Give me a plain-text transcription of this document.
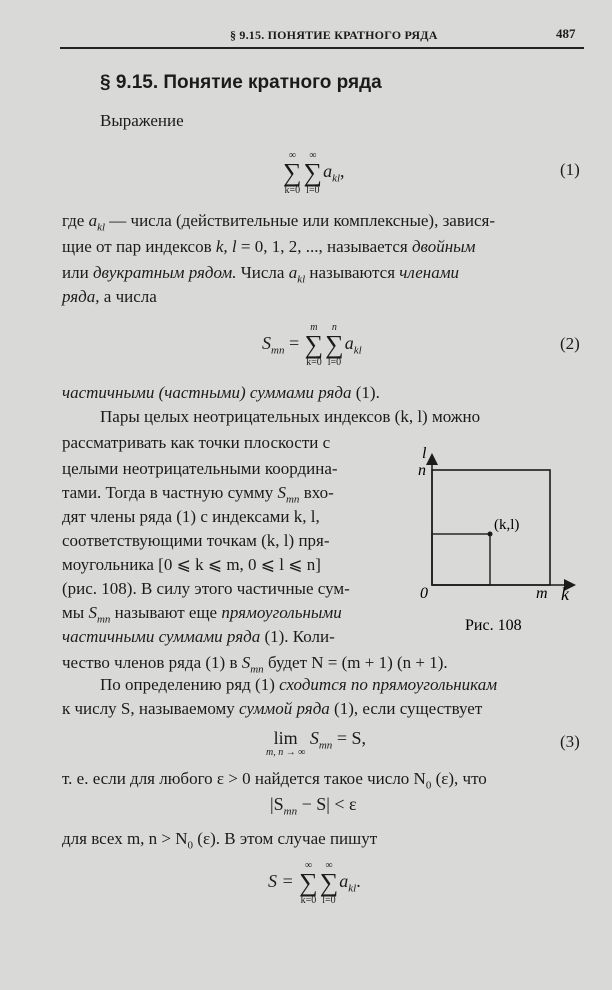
§ 9.15. ПОНЯТИЕ КРАТНОГО РЯДА	487
§ 9.15. Понятие кратного ряда
Выражение
∞
∑
k=0
∞
∑
l=0
$a_{kl}$,	(1)
где $a_{kl}$ — числа (действительные или комплексные), завися-
щие от пар индексов k, l = 0, 1, 2, ..., называется двойным
или двукратным рядом. Числа $a_{kl}$ называются членами
ряда, а числа
$S_{mn}$ =
m
∑
k=0
n
∑
l=0
$a_{kl}$	(2)
частичными (частными) суммами ряда (1).
Пары целых неотрицательных индексов (k, l) можно
рассматривать как точки плоскости с
целыми неотрицательными координа-
тами. Тогда в частную сумму $S_{mn}$ вхо-
дят члены ряда (1) с индексами k, l,
соответствующими точкам (k, l) пря-
моугольника [0 ⩽ k ⩽ m, 0 ⩽ l ⩽ n]
(рис. 108). В силу этого частичные сум-
мы $S_{mn}$ называют еще прямоугольными
частичными суммами ряда (1). Коли-
чество членов ряда (1) в $S_{mn}$ будет N = (m + 1) (n + 1).
l
n
0	m k
(k,l)
Рис. 108
По определению ряд (1) сходится по прямоугольникам
к числу S, называемому суммой ряда (1), если существует
lim
m, n → ∞
$S_{mn} = S$,	(3)
т. е. если для любого ε > 0 найдется такое число $N_0$ (ε), что
$|S_{mn} - S| < \varepsilon$
для всех m, $n > N_0$ (ε). В этом случае пишут
S =
∞
∑
k=0
∞
∑
l=0
$a_{kl}$.
